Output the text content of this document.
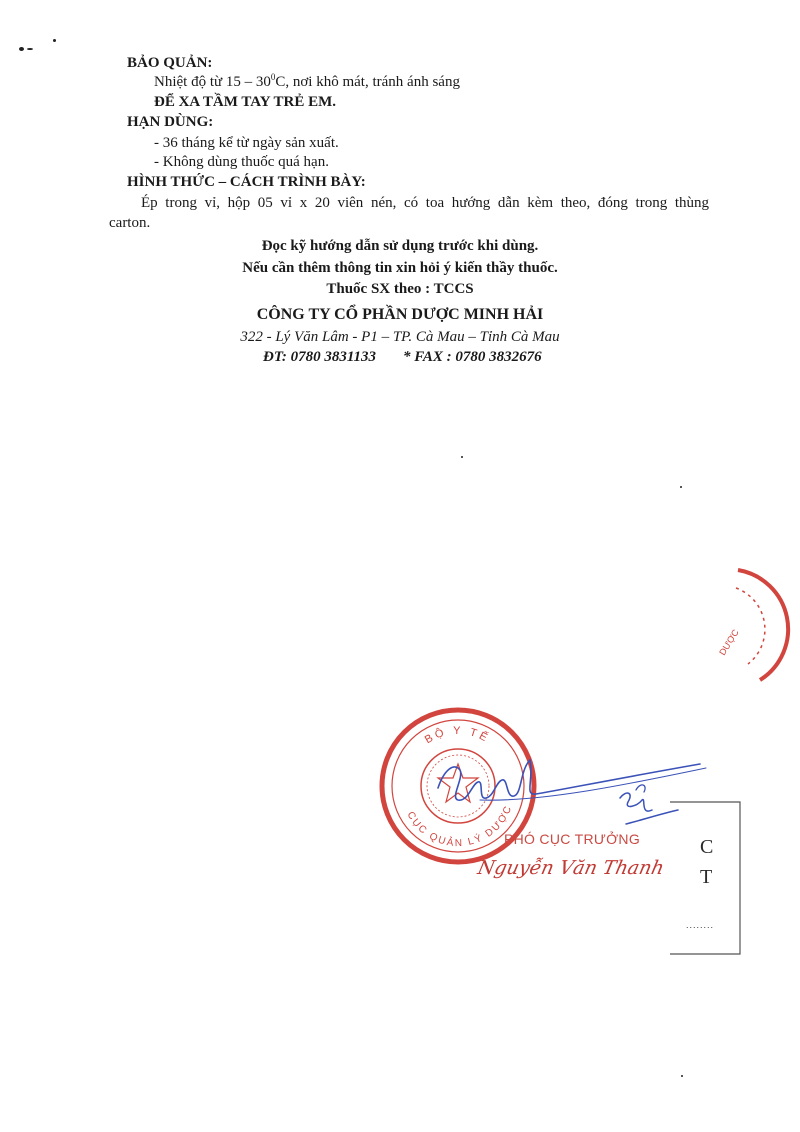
BẢO QUẢN:
Nhiệt độ từ $15 - 30^0C$, nơi khô mát, tránh ánh sáng
ĐỂ XA TẦM TAY TRẺ EM.
HẠN DÙNG:
- 36 tháng kể từ ngày sản xuất.
- Không dùng thuốc quá hạn.
HÌNH THỨC – CÁCH TRÌNH BÀY:
Ép trong vỉ, hộp 05 vỉ x 20 viên nén, có toa hướng dẫn kèm theo, đóng trong thùng
carton.
Đọc kỹ hướng dẫn sử dụng trước khi dùng.
Nếu cần thêm thông tin xin hỏi ý kiến thầy thuốc.
Thuốc SX theo : TCCS
CÔNG TY CỔ PHẦN DƯỢC MINH HẢI
322 - Lý Văn Lâm - P1 – TP. Cà Mau – Tỉnh Cà Mau
ĐT: 0780 3831133 * FAX : 0780 3832676
DƯỢC
BỘ Y TẾ
CỤC QUẢN LÝ DƯỢC
PHÓ CỤC TRƯỞNG
Nguyễn Văn Thanh
C
T
........
